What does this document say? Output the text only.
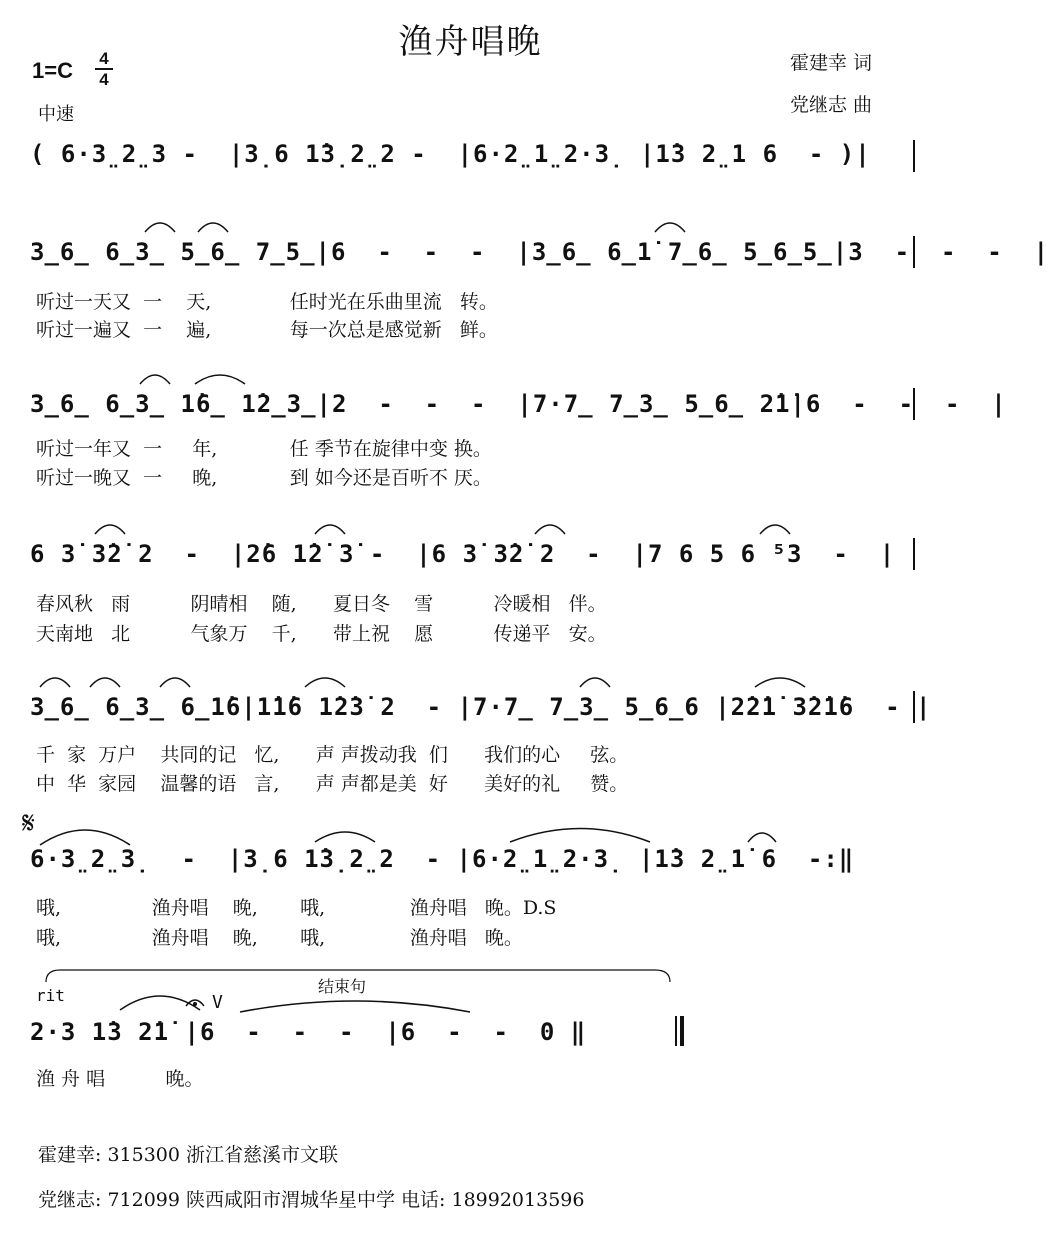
渔舟唱晚
霍建幸 词
党继志 曲
1=C 4
4
中速
( 6·3̤2̤3 -  |3̣6 1̇3̣2̤2 -  |6·2̤1̤2·3̣ |1̇3 2̤1 6  - )|
3̲6̲ 6̲3̲ 5̲6̲ 7̲5̲|6  -  -  -  |3̲6̲ 6̲1̇ 7̲6̲ 5̲6̲5̲|3  -  -  -  |
听过一天又  一    天,             任时光在乐曲里流   转。
听过一遍又  一    遍,             每一次总是感觉新   鲜。
3̲6̲ 6̲3̲ 1̇6̲ 1̇2̲3̲|2  -  -  -  |7·7̲ 7̲3̲ 5̲6̲ 2̇1̇|6  -  -  -  |
听过一年又  一     年,            任 季节在旋律中变 换。
听过一晚又  一     晚,            到 如今还是百听不 厌。
6 3̇ 3̇2̇ 2  -  |2̇6 1̇2̇ 3̇ -  |6 3̇ 3̇2̇ 2  -  |7 6 5 6 ⁵3  -  |
春风秋   雨          阴晴相    随,      夏日冬    雪          冷暖相   伴。
天南地   北          气象万    千,      带上祝    愿          传递平   安。
3̲6̲ 6̲3̲ 6̲1̇6|1̇1̇6 1̇2̇3̇ 2  - |7·7̲ 7̲3̲ 5̲6̲6 |2̇2̇1̇ 3̇2̇1̇6  - |
千  家  万户    共同的记   忆,      声 声拨动我  们      我们的心     弦。
中  华  家园    温馨的语   言,      声 声都是美  好      美好的礼     赞。
𝄋
6·3̤2̤3̣  -  |3̣6 1̇3̣2̤2  - |6·2̤1̤2·3̣ |1̇3 2̤1̇ 6  -:‖
哦,               渔舟唱    晚,       哦,              渔舟唱   晚。D.S
哦,               渔舟唱    晚,       哦,              渔舟唱   晚。
rit	结束句
V
2·3 1̇3 2̇1̇ |6  -  -  -  |6  -  -  0 ‖
渔 舟 唱          晚。
霍建幸: 315300 浙江省慈溪市文联
党继志: 712099 陕西咸阳市渭城华星中学 电话: 18992013596
